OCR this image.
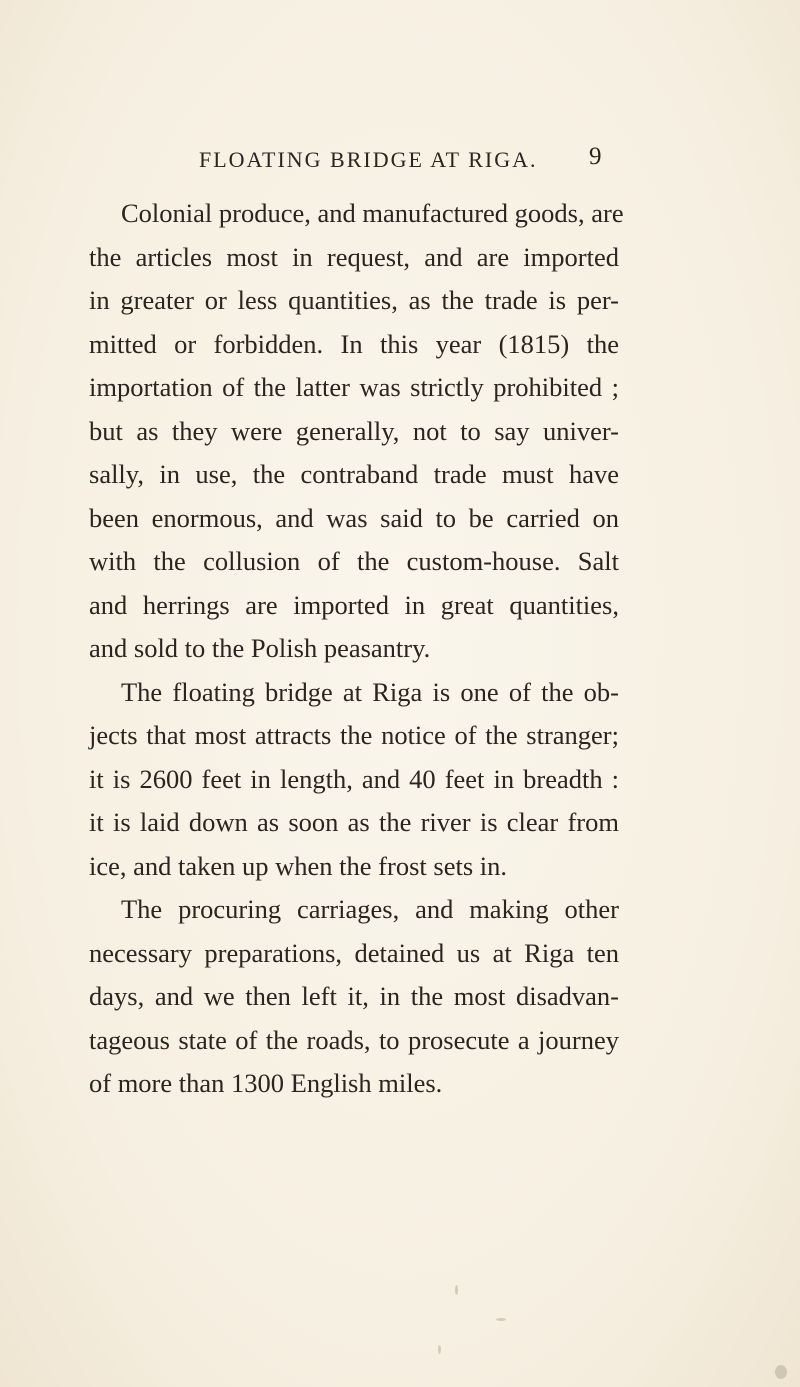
FLOATING BRIDGE AT RIGA. 9

Colonial produce, and manufactured goods, are
the articles most in request, and are imported
in greater or less quantities, as the trade is per-
mitted or forbidden. In this year (1815) the
importation of the latter was strictly prohibited ;
but as they were generally, not to say univer-
sally, in use, the contraband trade must have
been enormous, and was said to be carried on
with the collusion of the custom-house. Salt
and herrings are imported in great quantities,
and sold to the Polish peasantry.

The floating bridge at Riga is one of the ob-
jects that most attracts the notice of the stranger;
it is 2600 feet in length, and 40 feet in breadth :
it is laid down as soon as the river is clear from
ice, and taken up when the frost sets in.

The procuring carriages, and making other
necessary preparations, detained us at Riga ten
days, and we then left it, in the most disadvan-
tageous state of the roads, to prosecute a journey
of more than 1300 English miles.
